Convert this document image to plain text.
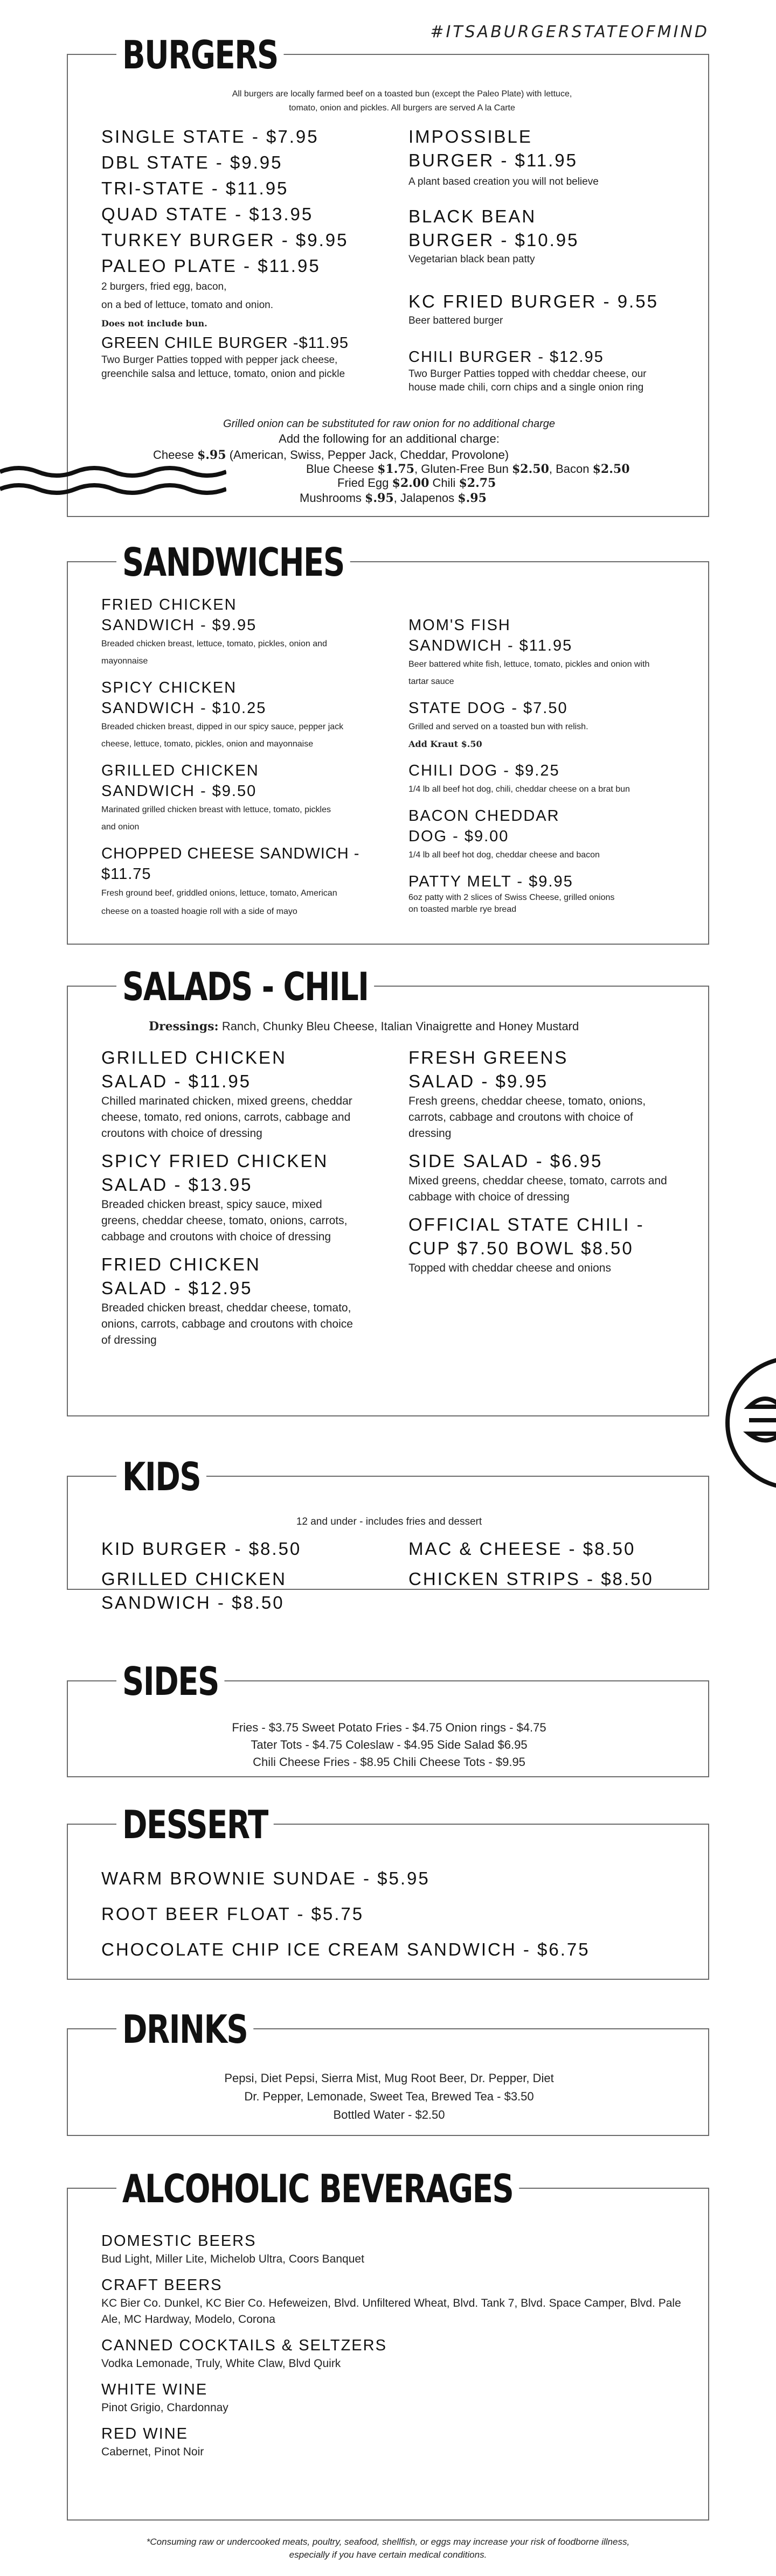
#ITSABURGERSTATEOFMIND
BURGERS
All burgers are locally farmed beef on a toasted bun (except the Paleo Plate) with lettuce, tomato, onion and pickles. All burgers are served A la Carte
SINGLE STATE - $7.95
DBL STATE - $9.95
TRI-STATE - $11.95
QUAD STATE - $13.95
TURKEY BURGER - $9.95
PALEO PLATE - $11.95
2 burgers, fried egg, bacon,
on a bed of lettuce, tomato and onion.
Does not include bun.
GREEN CHILE BURGER -$11.95
Two Burger Patties topped with pepper jack cheese, greenchile salsa and lettuce, tomato, onion and pickle
IMPOSSIBLE BURGER - $11.95
A plant based creation you will not believe
BLACK BEAN BURGER - $10.95
Vegetarian black bean patty
KC FRIED BURGER - 9.55
Beer battered burger
CHILI BURGER - $12.95
Two Burger Patties topped with cheddar cheese, our house made chili, corn chips and a single onion ring
Grilled onion can be substituted for raw onion for no additional charge
Add the following for an additional charge:
Cheese $.95 (American, Swiss, Pepper Jack, Cheddar, Provolone)
Blue Cheese $1.75, Gluten-Free Bun $2.50, Bacon $2.50
Fried Egg $2.00 Chili $2.75
Mushrooms $.95, Jalapenos $.95
SANDWICHES
FRIED CHICKEN
SANDWICH - $9.95
Breaded chicken breast, lettuce, tomato, pickles, onion and mayonnaise
SPICY CHICKEN
SANDWICH - $10.25
Breaded chicken breast, dipped in our spicy sauce, pepper jack cheese, lettuce, tomato, pickles, onion and mayonnaise
GRILLED CHICKEN
SANDWICH - $9.50
Marinated grilled chicken breast with lettuce, tomato, pickles and onion
CHOPPED CHEESE SANDWICH - $11.75
Fresh ground beef, griddled onions, lettuce, tomato, American cheese on a toasted hoagie roll with a side of mayo
MOM'S FISH
SANDWICH - $11.95
Beer battered white fish, lettuce, tomato, pickles and onion with tartar sauce
STATE DOG - $7.50
Grilled and served on a toasted bun with relish.
Add Kraut $.50
CHILI DOG - $9.25
1/4 lb all beef hot dog, chili, cheddar cheese on a brat bun
BACON CHEDDAR
DOG - $9.00
1/4 lb all beef hot dog, cheddar cheese and bacon
PATTY MELT - $9.95
6oz patty with 2 slices of Swiss Cheese, grilled onions on toasted marble rye bread
SALADS - CHILI
Dressings: Ranch, Chunky Bleu Cheese, Italian Vinaigrette and Honey Mustard
GRILLED CHICKEN
SALAD - $11.95
Chilled marinated chicken, mixed greens, cheddar cheese, tomato, red onions, carrots, cabbage and croutons with choice of dressing
SPICY FRIED CHICKEN
SALAD - $13.95
Breaded chicken breast, spicy sauce, mixed greens, cheddar cheese, tomato, onions, carrots, cabbage and croutons with choice of dressing
FRIED CHICKEN
SALAD - $12.95
Breaded chicken breast, cheddar cheese, tomato, onions, carrots, cabbage and croutons with choice of dressing
FRESH GREENS
SALAD - $9.95
Fresh greens, cheddar cheese, tomato, onions, carrots, cabbage and croutons with choice of dressing
SIDE SALAD - $6.95
Mixed greens, cheddar cheese, tomato, carrots and cabbage with choice of dressing
OFFICIAL STATE CHILI -
CUP $7.50 BOWL $8.50
Topped with cheddar cheese and onions
KIDS
12 and under - includes fries and dessert
KID BURGER - $8.50
GRILLED CHICKEN
SANDWICH - $8.50
MAC & CHEESE - $8.50
CHICKEN STRIPS - $8.50
SIDES
Fries - $3.75 Sweet Potato Fries - $4.75 Onion rings - $4.75
Tater Tots - $4.75 Coleslaw - $4.95 Side Salad $6.95
Chili Cheese Fries - $8.95 Chili Cheese Tots - $9.95
DESSERT
WARM BROWNIE SUNDAE - $5.95
ROOT BEER FLOAT - $5.75
CHOCOLATE CHIP ICE CREAM SANDWICH - $6.75
DRINKS
Pepsi, Diet Pepsi, Sierra Mist, Mug Root Beer, Dr. Pepper, Diet
Dr. Pepper, Lemonade, Sweet Tea, Brewed Tea - $3.50
Bottled Water - $2.50
ALCOHOLIC BEVERAGES
DOMESTIC BEERS
Bud Light, Miller Lite, Michelob Ultra, Coors Banquet
CRAFT BEERS
KC Bier Co. Dunkel, KC Bier Co. Hefeweizen, Blvd. Unfiltered Wheat, Blvd. Tank 7, Blvd. Space Camper, Blvd. Pale Ale, MC Hardway, Modelo, Corona
CANNED COCKTAILS & SELTZERS
Vodka Lemonade, Truly, White Claw, Blvd Quirk
WHITE WINE
Pinot Grigio, Chardonnay
RED WINE
Cabernet, Pinot Noir
*Consuming raw or undercooked meats, poultry, seafood, shellfish, or eggs may increase your risk of foodborne illness,
especially if you have certain medical conditions.
